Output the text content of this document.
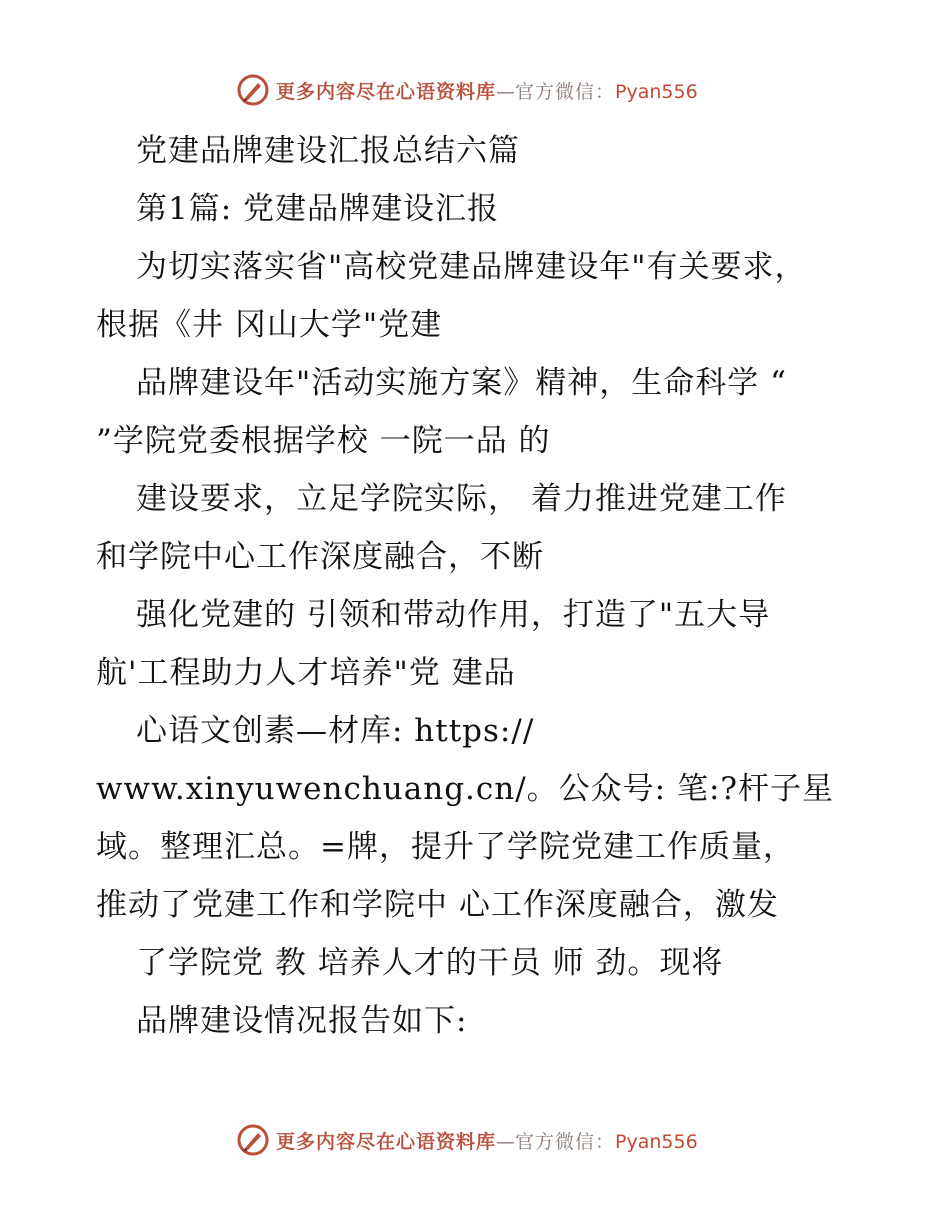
更多内容尽在心语资料库—官方微信：Pyan556
党建品牌建设汇报总结六篇
第1篇: 党建品牌建设汇报
为切实落实省"高校党建品牌建设年"有关要求，
根据《井 冈山大学"党建
品牌建设年"活动实施方案》精神，生命科学 “
”学院党委根据学校 一院一品 的
建设要求，立足学院实际， 着力推进党建工作
和学院中心工作深度融合，不断
强化党建的 引领和带动作用，打造了"五大导
航'工程助力人才培养"党 建品
心语文创素—材库: https://
www.xinyuwenchuang.cn/。公众号: 笔:?杆子星
域。整理汇总。=牌，提升了学院党建工作质量，
推动了党建工作和学院中 心工作深度融合，激发
了学院党 教 培养人才的干员 师 劲。现将
品牌建设情况报告如下:
更多内容尽在心语资料库—官方微信：Pyan556
